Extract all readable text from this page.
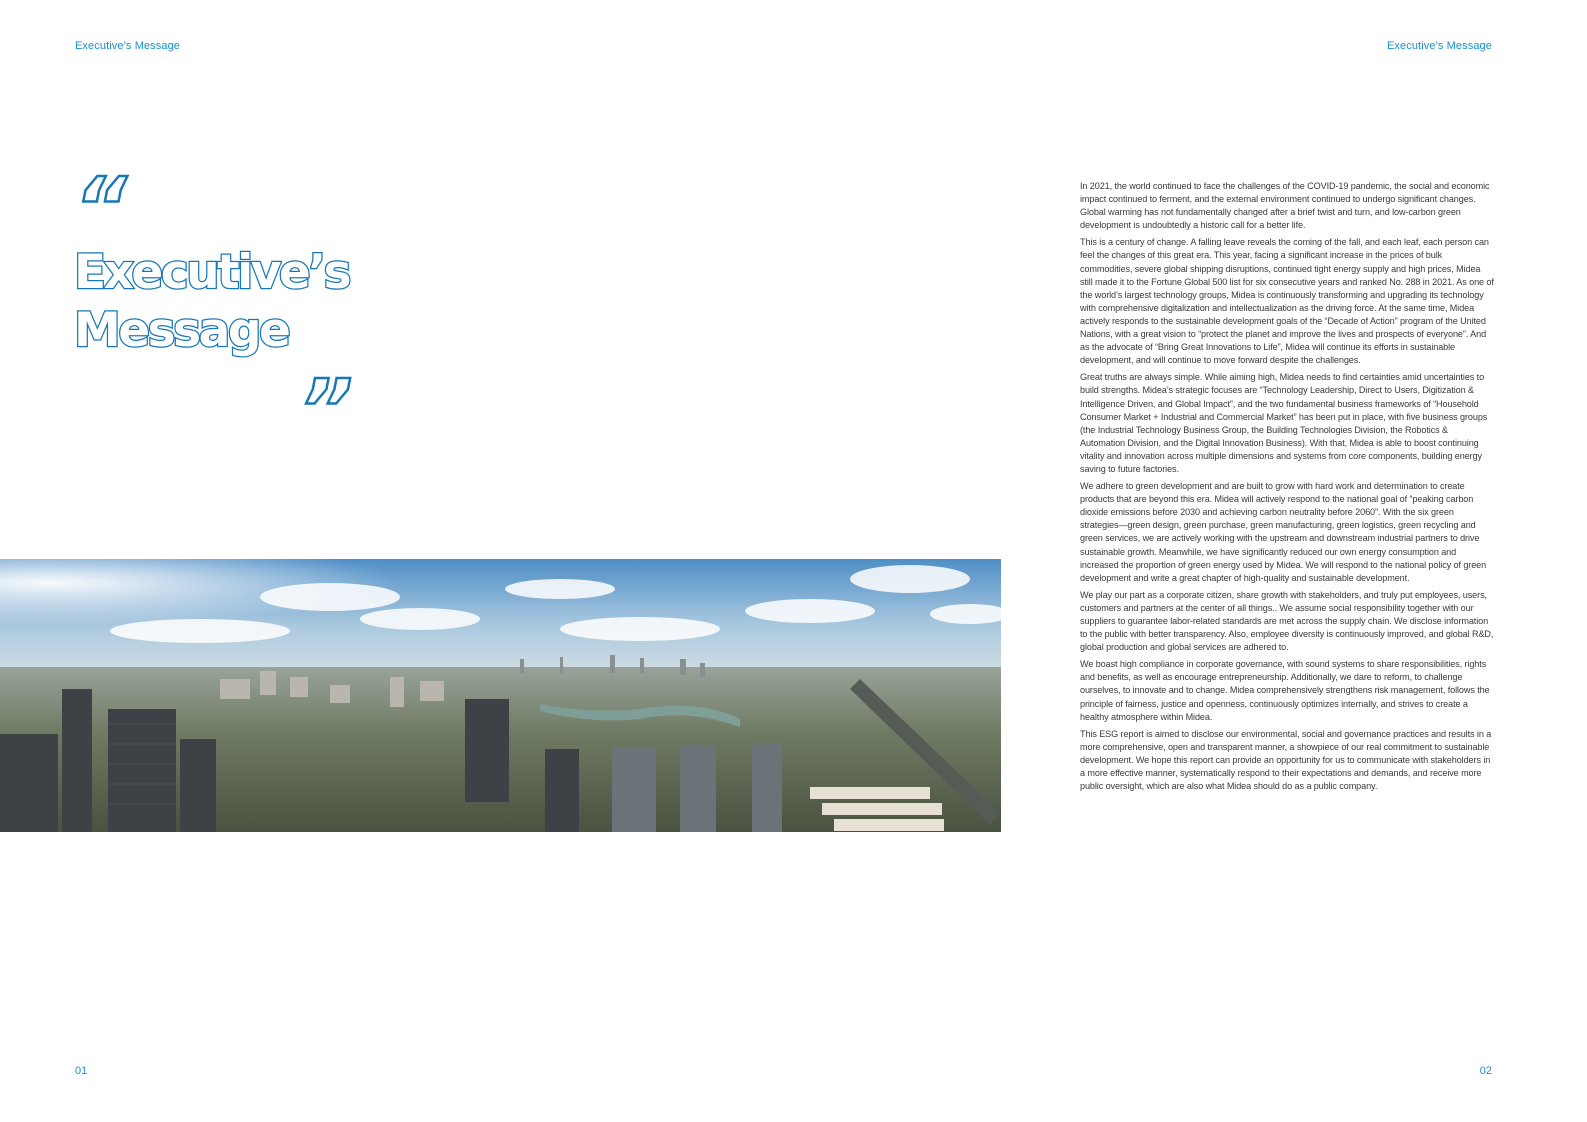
Executive’s Message	Executive’s Message
“
Executive’s
Message
”

In 2021, the world continued to face the challenges of the COVID-19 pandemic, the social and economic impact continued to ferment, and the external environment continued to undergo significant changes. Global warming has not fundamentally changed after a brief twist and turn, and low-carbon green development is undoubtedly a historic call for a better life.

This is a century of change. A falling leave reveals the coming of the fall, and each leaf, each person can feel the changes of this great era. This year, facing a significant increase in the prices of bulk commodities, severe global shipping disruptions, continued tight energy supply and high prices, Midea still made it to the Fortune Global 500 list for six consecutive years and ranked No. 288 in 2021. As one of the world’s largest technology groups, Midea is continuously transforming and upgrading its technology with comprehensive digitalization and intellectualization as the driving force. At the same time, Midea actively responds to the sustainable development goals of the “Decade of Action” program of the United Nations, with a great vision to “protect the planet and improve the lives and prospects of everyone”. And as the advocate of “Bring Great Innovations to Life”, Midea will continue its efforts in sustainable development, and will continue to move forward despite the challenges.

Great truths are always simple. While aiming high, Midea needs to find certainties amid uncertainties to build strengths. Midea’s strategic focuses are “Technology Leadership, Direct to Users, Digitization & Intelligence Driven, and Global Impact”, and the two fundamental business frameworks of “Household Consumer Market + Industrial and Commercial Market” has been put in place, with five business groups (the Industrial Technology Business Group, the Building Technologies Division, the Robotics & Automation Division, and the Digital Innovation Business). With that, Midea is able to boost continuing vitality and innovation across multiple dimensions and systems from core components, building energy saving to future factories.

We adhere to green development and are built to grow with hard work and determination to create products that are beyond this era. Midea will actively respond to the national goal of “peaking carbon dioxide emissions before 2030 and achieving carbon neutrality before 2060”. With the six green strategies—green design, green purchase, green manufacturing, green logistics, green recycling and green services, we are actively working with the upstream and downstream industrial partners to drive sustainable growth. Meanwhile, we have significantly reduced our own energy consumption and increased the proportion of green energy used by Midea. We will respond to the national policy of green development and write a great chapter of high-quality and sustainable development.

We play our part as a corporate citizen, share growth with stakeholders, and truly put employees, users, customers and partners at the center of all things.. We assume social responsibility together with our suppliers to guarantee labor-related standards are met across the supply chain. We disclose information to the public with better transparency. Also, employee diversity is continuously improved, and global R&D, global production and global services are adhered to.

We boast high compliance in corporate governance, with sound systems to share responsibilities, rights and benefits, as well as encourage entrepreneurship. Additionally, we dare to reform, to challenge ourselves, to innovate and to change. Midea comprehensively strengthens risk management, follows the principle of fairness, justice and openness, continuously optimizes internally, and strives to create a healthy atmosphere within Midea.

This ESG report is aimed to disclose our environmental, social and governance practices and results in a more comprehensive, open and transparent manner, a showpiece of our real commitment to sustainable development. We hope this report can provide an opportunity for us to communicate with stakeholders in a more effective manner, systematically respond to their expectations and demands, and receive more public oversight, which are also what Midea should do as a public company.

01	02
